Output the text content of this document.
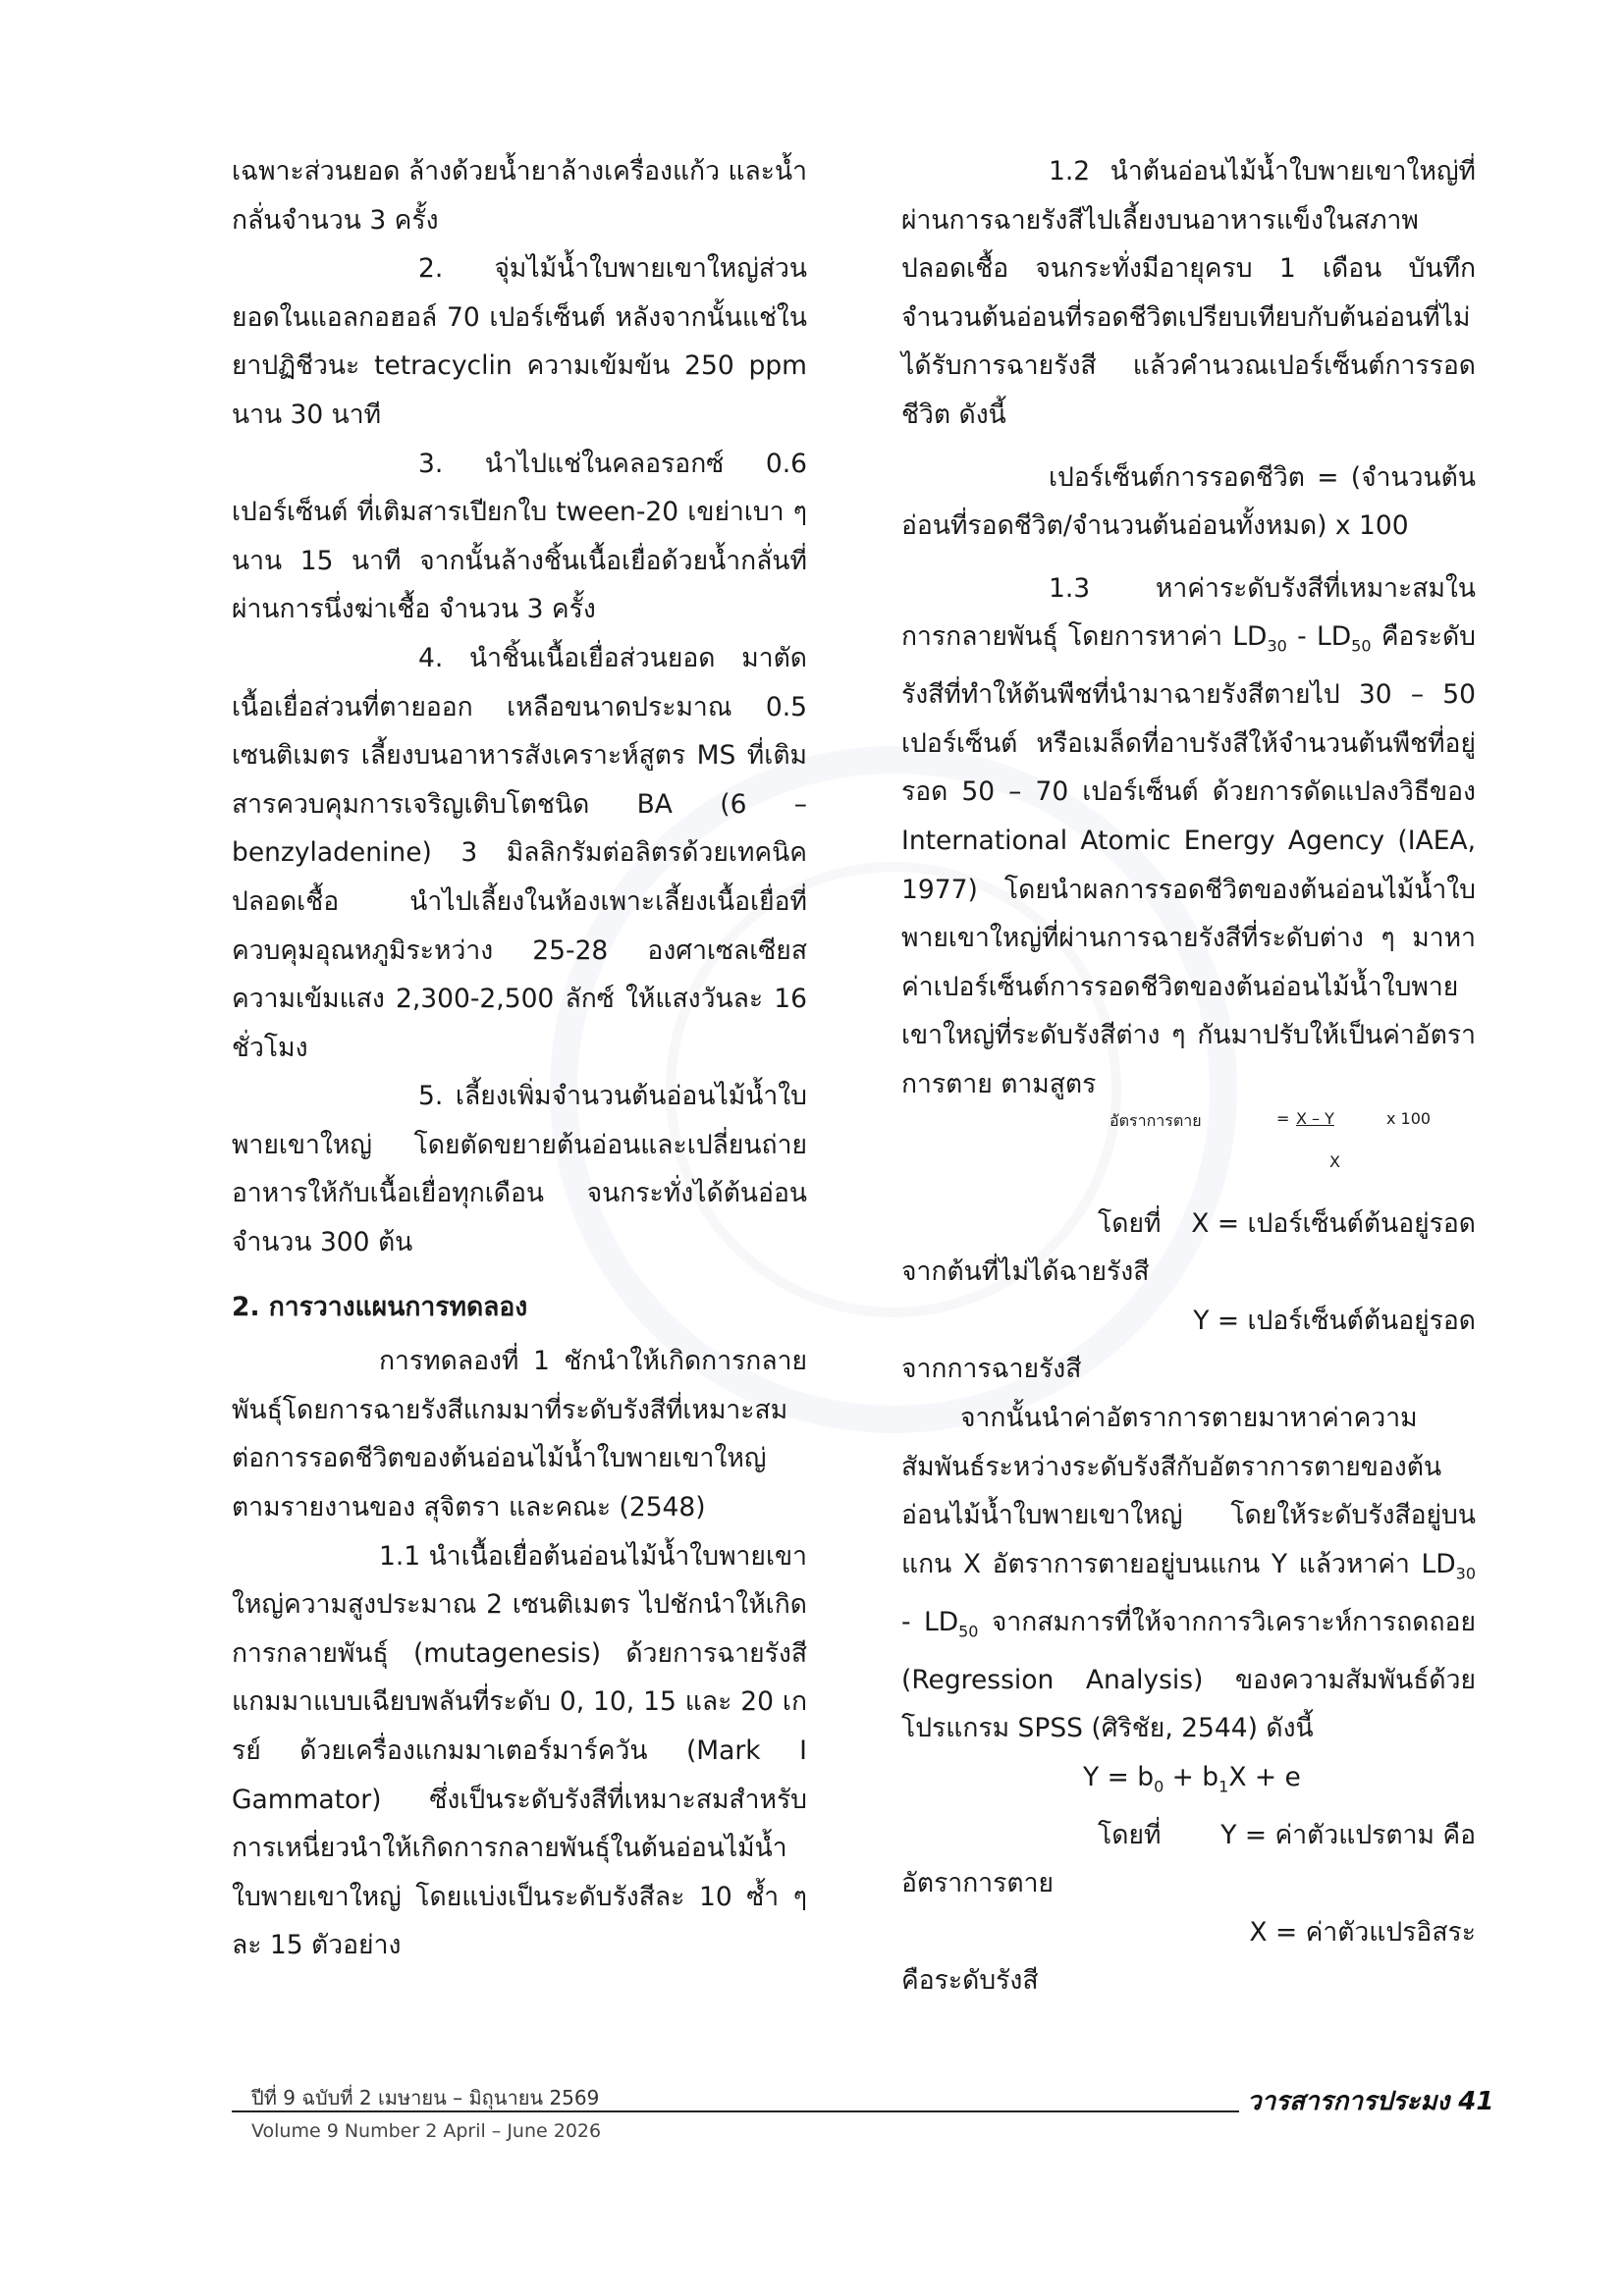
เฉพาะส่วนยอด ล้างด้วยน้ำยาล้างเครื่องแก้ว และน้ำกลั่นจำนวน 3 ครั้ง

2. จุ่มไม้น้ำใบพายเขาใหญ่ส่วนยอดในแอลกอฮอล์ 70 เปอร์เซ็นต์ หลังจากนั้นแช่ในยาปฏิชีวนะ tetracyclin ความเข้มข้น 250 ppm นาน 30 นาที

3. นำไปแช่ในคลอรอกซ์ 0.6 เปอร์เซ็นต์ ที่เติมสารเปียกใบ tween-20 เขย่าเบา ๆ นาน 15 นาที จากนั้นล้างชิ้นเนื้อเยื่อด้วยน้ำกลั่นที่ผ่านการนึ่งฆ่าเชื้อ จำนวน 3 ครั้ง

4. นำชิ้นเนื้อเยื่อส่วนยอด มาตัดเนื้อเยื่อส่วนที่ตายออก เหลือขนาดประมาณ 0.5 เซนติเมตร เลี้ยงบนอาหารสังเคราะห์สูตร MS ที่เติมสารควบคุมการเจริญเติบโตชนิด BA (6 – benzyladenine) 3 มิลลิกรัมต่อลิตรด้วยเทคนิคปลอดเชื้อ นำไปเลี้ยงในห้องเพาะเลี้ยงเนื้อเยื่อที่ควบคุมอุณหภูมิระหว่าง 25-28 องศาเซลเซียส ความเข้มแสง 2,300-2,500 ลักซ์ ให้แสงวันละ 16 ชั่วโมง

5. เลี้ยงเพิ่มจำนวนต้นอ่อนไม้น้ำใบพายเขาใหญ่ โดยตัดขยายต้นอ่อนและเปลี่ยนถ่ายอาหารให้กับเนื้อเยื่อทุกเดือน จนกระทั่งได้ต้นอ่อนจำนวน 300 ต้น

2. การวางแผนการทดลอง

การทดลองที่ 1 ชักนำให้เกิดการกลายพันธุ์โดยการฉายรังสีแกมมาที่ระดับรังสีที่เหมาะสมต่อการรอดชีวิตของต้นอ่อนไม้น้ำใบพายเขาใหญ่ตามรายงานของ สุจิตรา และคณะ (2548)

1.1 นำเนื้อเยื่อต้นอ่อนไม้น้ำใบพายเขาใหญ่ความสูงประมาณ 2 เซนติเมตร ไปชักนำให้เกิดการกลายพันธุ์ (mutagenesis) ด้วยการฉายรังสีแกมมาแบบเฉียบพลันที่ระดับ 0, 10, 15 และ 20 เกรย์ ด้วยเครื่องแกมมาเตอร์มาร์ควัน (Mark I Gammator) ซึ่งเป็นระดับรังสีที่เหมาะสมสำหรับการเหนี่ยวนำให้เกิดการกลายพันธุ์ในต้นอ่อนไม้น้ำใบพายเขาใหญ่ โดยแบ่งเป็นระดับรังสีละ 10 ซ้ำ ๆ ละ 15 ตัวอย่าง

1.2 นำต้นอ่อนไม้น้ำใบพายเขาใหญ่ที่ผ่านการฉายรังสีไปเลี้ยงบนอาหารแข็งในสภาพปลอดเชื้อ จนกระทั่งมีอายุครบ 1 เดือน บันทึกจำนวนต้นอ่อนที่รอดชีวิตเปรียบเทียบกับต้นอ่อนที่ไม่ได้รับการฉายรังสี แล้วคำนวณเปอร์เซ็นต์การรอดชีวิต ดังนี้

เปอร์เซ็นต์การรอดชีวิต = (จำนวนต้นอ่อนที่รอดชีวิต/จำนวนต้นอ่อนทั้งหมด) x 100

1.3 หาค่าระดับรังสีที่เหมาะสมในการกลายพันธุ์ โดยการหาค่า $LD_{30} - LD_{50}$ คือระดับรังสีที่ทำให้ต้นพืชที่นำมาฉายรังสีตายไป 30 – 50 เปอร์เซ็นต์ หรือเมล็ดที่อาบรังสีให้จำนวนต้นพืชที่อยู่รอด 50 – 70 เปอร์เซ็นต์ ด้วยการดัดแปลงวิธีของ International Atomic Energy Agency (IAEA, 1977) โดยนำผลการรอดชีวิตของต้นอ่อนไม้น้ำใบพายเขาใหญ่ที่ผ่านการฉายรังสีที่ระดับต่าง ๆ มาหาค่าเปอร์เซ็นต์การรอดชีวิตของต้นอ่อนไม้น้ำใบพายเขาใหญ่ที่ระดับรังสีต่าง ๆ กันมาปรับให้เป็นค่าอัตราการตาย ตามสูตร

อัตราการตาย	= X – Y	x 100
X
โดยที่ X = เปอร์เซ็นต์ต้นอยู่รอด

จากต้นที่ไม่ได้ฉายรังสี

Y = เปอร์เซ็นต์ต้นอยู่รอด

จากการฉายรังสี

จากนั้นนำค่าอัตราการตายมาหาค่าความสัมพันธ์ระหว่างระดับรังสีกับอัตราการตายของต้นอ่อนไม้น้ำใบพายเขาใหญ่ โดยให้ระดับรังสีอยู่บนแกน X อัตราการตายอยู่บนแกน Y แล้วหาค่า $LD_{30} - LD_{50}$ จากสมการที่ให้จากการวิเคราะห์การถดถอย (Regression Analysis) ของความสัมพันธ์ด้วยโปรแกรม SPSS (ศิริชัย, 2544) ดังนี้

$Y = b_0 + b_1X + e$

โดยที่ Y = ค่าตัวแปรตาม คือ

อัตราการตาย

X = ค่าตัวแปรอิสระ

คือระดับรังสี

ปีที่ 9 ฉบับที่ 2 เมษายน – มิถุนายน 2569
Volume 9 Number 2 April – June 2026
วารสารการประมง 41
